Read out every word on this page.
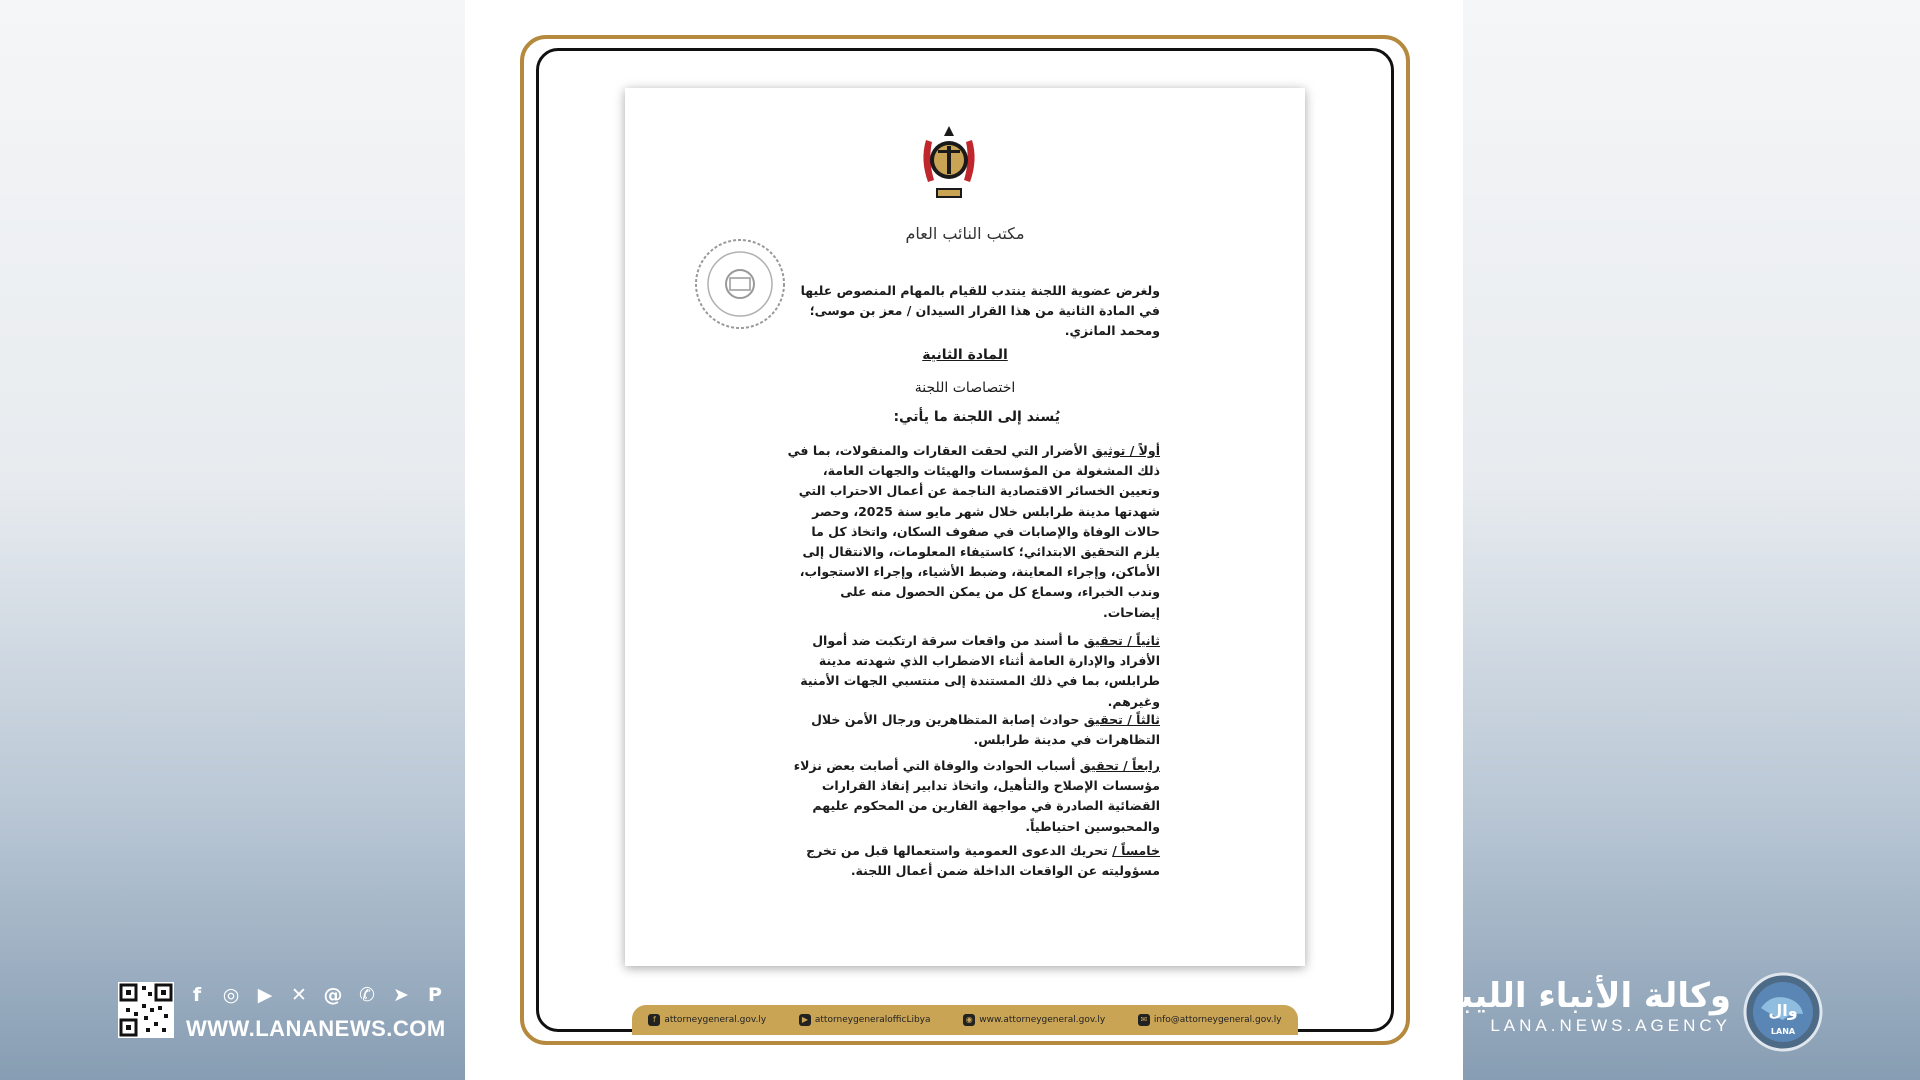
مكتب النائب العام
ولغرض عضوية اللجنة ينتدب للقيام بالمهام المنصوص عليها في المادة الثانية من هذا القرار السيدان / معز بن موسى؛ ومحمد المانزي.
المادة الثانية
اختصاصات اللجنة
يُسند إلى اللجنة ما يأتي:
أولاً / توثيق الأضرار التي لحقت العقارات والمنقولات، بما في ذلك المشغولة من المؤسسات والهيئات والجهات العامة، وتعيين الخسائر الاقتصادية الناجمة عن أعمال الاحتراب التي شهدتها مدينة طرابلس خلال شهر مايو سنة 2025، وحصر حالات الوفاة والإصابات في صفوف السكان، واتخاذ كل ما يلزم التحقيق الابتدائي؛ كاستيفاء المعلومات، والانتقال إلى الأماكن، وإجراء المعاينة، وضبط الأشياء، وإجراء الاستجواب، وندب الخبراء، وسماع كل من يمكن الحصول منه على إيضاحات.
ثانياً / تحقيق ما أسند من واقعات سرقة ارتكبت ضد أموال الأفراد والإدارة العامة أثناء الاضطراب الذي شهدته مدينة طرابلس، بما في ذلك المستندة إلى منتسبي الجهات الأمنية وغيرهم.
ثالثاً / تحقيق حوادث إصابة المتظاهرين ورجال الأمن خلال التظاهرات في مدينة طرابلس.
رابعاً / تحقيق أسباب الحوادث والوفاة التي أصابت بعض نزلاء مؤسسات الإصلاح والتأهيل، واتخاذ تدابير إنفاذ القرارات القضائية الصادرة في مواجهة الفارين من المحكوم عليهم والمحبوسين احتياطياً.
خامساً / تحريك الدعوى العمومية واستعمالها قبل من تخرج مسؤوليته عن الواقعات الداخلة ضمن أعمال اللجنة.
f attorneygeneral.gov.ly	▶ attorneygeneralofficLibya	◉ www.attorneygeneral.gov.ly	✉ info@attorneygeneral.gov.ly
f	◎ ▶ ✕ @ ✆ ➤ P
WWW.LANANEWS.COM
وكالة الأنباء الليبية
LANA.NEWS.AGENCY
وال
LANA
